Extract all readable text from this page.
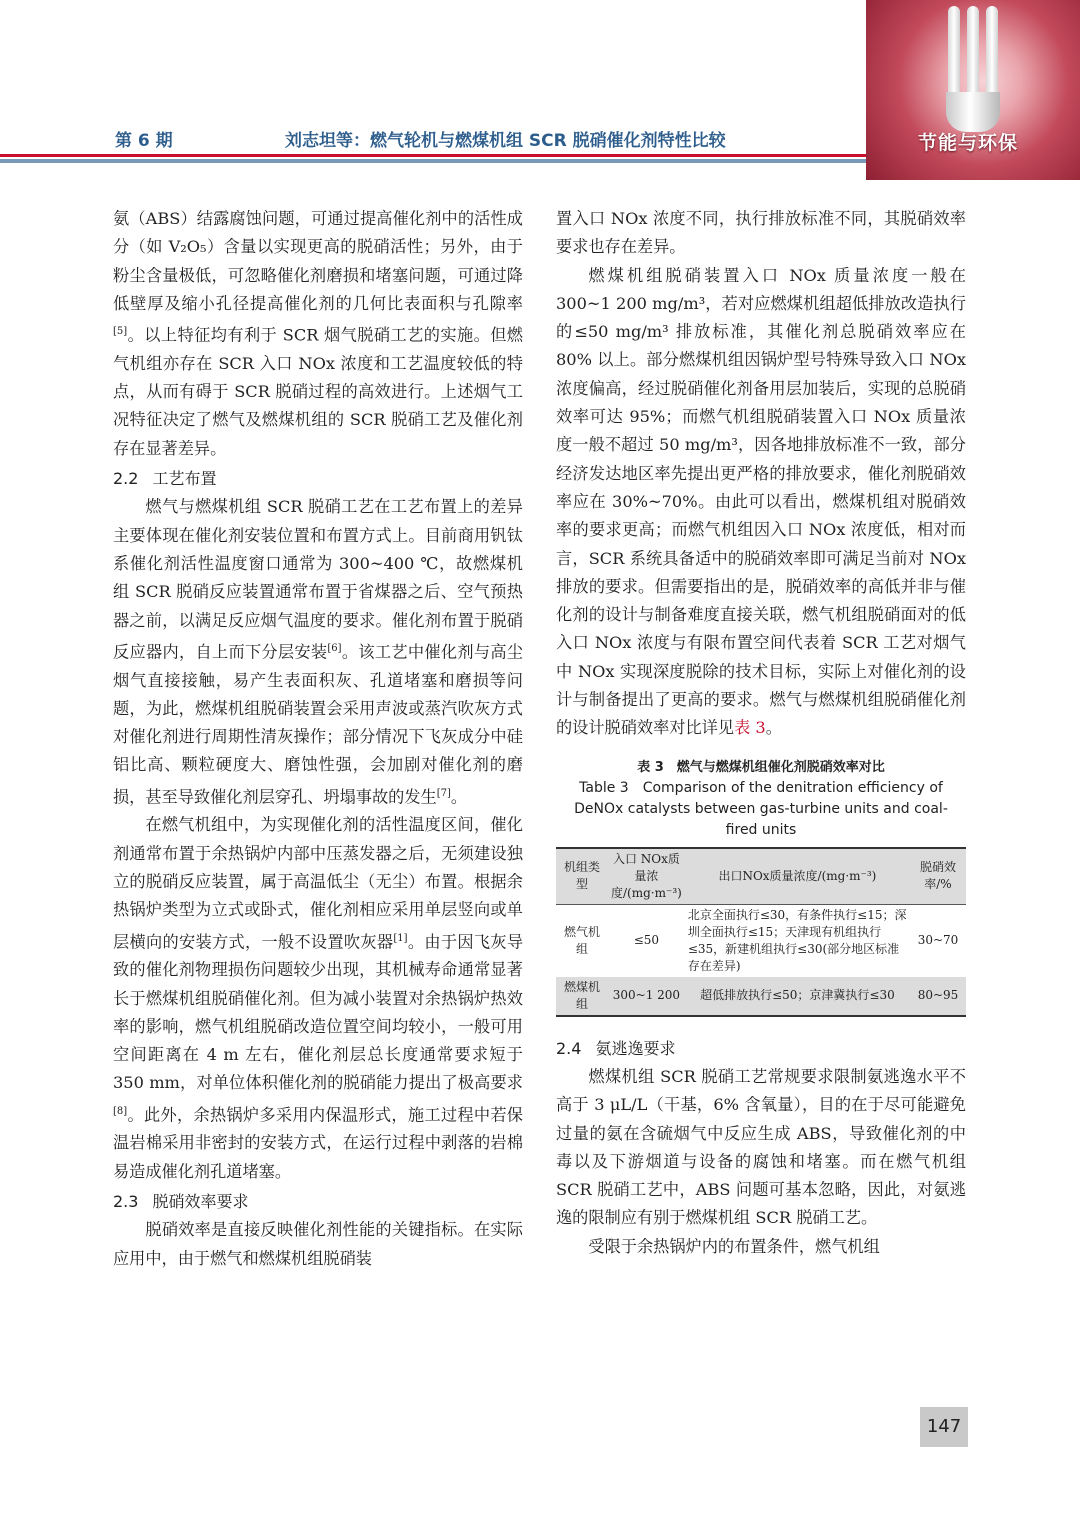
第 6 期	刘志坦等：燃气轮机与燃煤机组 SCR 脱硝催化剂特性比较	节能与环保

氨（ABS）结露腐蚀问题，可通过提高催化剂中的活性成分（如 V₂O₅）含量以实现更高的脱硝活性；另外，由于粉尘含量极低，可忽略催化剂磨损和堵塞问题，可通过降低壁厚及缩小孔径提高催化剂的几何比表面积与孔隙率[5]。以上特征均有利于 SCR 烟气脱硝工艺的实施。但燃气机组亦存在 SCR 入口 NOx 浓度和工艺温度较低的特点，从而有碍于 SCR 脱硝过程的高效进行。上述烟气工况特征决定了燃气及燃煤机组的 SCR 脱硝工艺及催化剂存在显著差异。

2.2 工艺布置

燃气与燃煤机组 SCR 脱硝工艺在工艺布置上的差异主要体现在催化剂安装位置和布置方式上。目前商用钒钛系催化剂活性温度窗口通常为 300~400 ℃，故燃煤机组 SCR 脱硝反应装置通常布置于省煤器之后、空气预热器之前，以满足反应烟气温度的要求。催化剂布置于脱硝反应器内，自上而下分层安装[6]。该工艺中催化剂与高尘烟气直接接触，易产生表面积灰、孔道堵塞和磨损等问题，为此，燃煤机组脱硝装置会采用声波或蒸汽吹灰方式对催化剂进行周期性清灰操作；部分情况下飞灰成分中硅铝比高、颗粒硬度大、磨蚀性强，会加剧对催化剂的磨损，甚至导致催化剂层穿孔、坍塌事故的发生[7]。

在燃气机组中，为实现催化剂的活性温度区间，催化剂通常布置于余热锅炉内部中压蒸发器之后，无须建设独立的脱硝反应装置，属于高温低尘（无尘）布置。根据余热锅炉类型为立式或卧式，催化剂相应采用单层竖向或单层横向的安装方式，一般不设置吹灰器[1]。由于因飞灰导致的催化剂物理损伤问题较少出现，其机械寿命通常显著长于燃煤机组脱硝催化剂。但为减小装置对余热锅炉热效率的影响，燃气机组脱硝改造位置空间均较小，一般可用空间距离在 4 m 左右，催化剂层总长度通常要求短于 350 mm，对单位体积催化剂的脱硝能力提出了极高要求[8]。此外，余热锅炉多采用内保温形式，施工过程中若保温岩棉采用非密封的安装方式，在运行过程中剥落的岩棉易造成催化剂孔道堵塞。

2.3 脱硝效率要求

脱硝效率是直接反映催化剂性能的关键指标。在实际应用中，由于燃气和燃煤机组脱硝装

置入口 NOx 浓度不同，执行排放标准不同，其脱硝效率要求也存在差异。

燃煤机组脱硝装置入口 NOx 质量浓度一般在 300~1 200 mg/m³，若对应燃煤机组超低排放改造执行的≤50 mg/m³ 排放标准，其催化剂总脱硝效率应在 80% 以上。部分燃煤机组因锅炉型号特殊导致入口 NOx 浓度偏高，经过脱硝催化剂备用层加装后，实现的总脱硝效率可达 95%；而燃气机组脱硝装置入口 NOx 质量浓度一般不超过 50 mg/m³，因各地排放标准不一致，部分经济发达地区率先提出更严格的排放要求，催化剂脱硝效率应在 30%~70%。由此可以看出，燃煤机组对脱硝效率的要求更高；而燃气机组因入口 NOx 浓度低，相对而言，SCR 系统具备适中的脱硝效率即可满足当前对 NOx 排放的要求。但需要指出的是，脱硝效率的高低并非与催化剂的设计与制备难度直接关联，燃气机组脱硝面对的低入口 NOx 浓度与有限布置空间代表着 SCR 工艺对烟气中 NOx 实现深度脱除的技术目标，实际上对催化剂的设计与制备提出了更高的要求。燃气与燃煤机组脱硝催化剂的设计脱硝效率对比详见表 3。

表 3　燃气与燃煤机组催化剂脱硝效率对比
Table 3　Comparison of the denitration efficiency of DeNOx catalysts between gas-turbine units and coal-fired units
机组类型	入口 NOx质量浓度/(mg·m⁻³)	出口NOx质量浓度/(mg·m⁻³)	脱硝效率/%
燃气机组	≤50	北京全面执行≤30，有条件执行≤15；深圳全面执行≤15；天津现有机组执行≤35，新建机组执行≤30(部分地区标准存在差异)	30~70
燃煤机组	300~1 200	超低排放执行≤50；京津冀执行≤30	80~95
2.4 氨逃逸要求

燃煤机组 SCR 脱硝工艺常规要求限制氨逃逸水平不高于 3 μL/L（干基，6% 含氧量），目的在于尽可能避免过量的氨在含硫烟气中反应生成 ABS，导致催化剂的中毒以及下游烟道与设备的腐蚀和堵塞。而在燃气机组 SCR 脱硝工艺中，ABS 问题可基本忽略，因此，对氨逃逸的限制应有别于燃煤机组 SCR 脱硝工艺。

受限于余热锅炉内的布置条件，燃气机组

147
